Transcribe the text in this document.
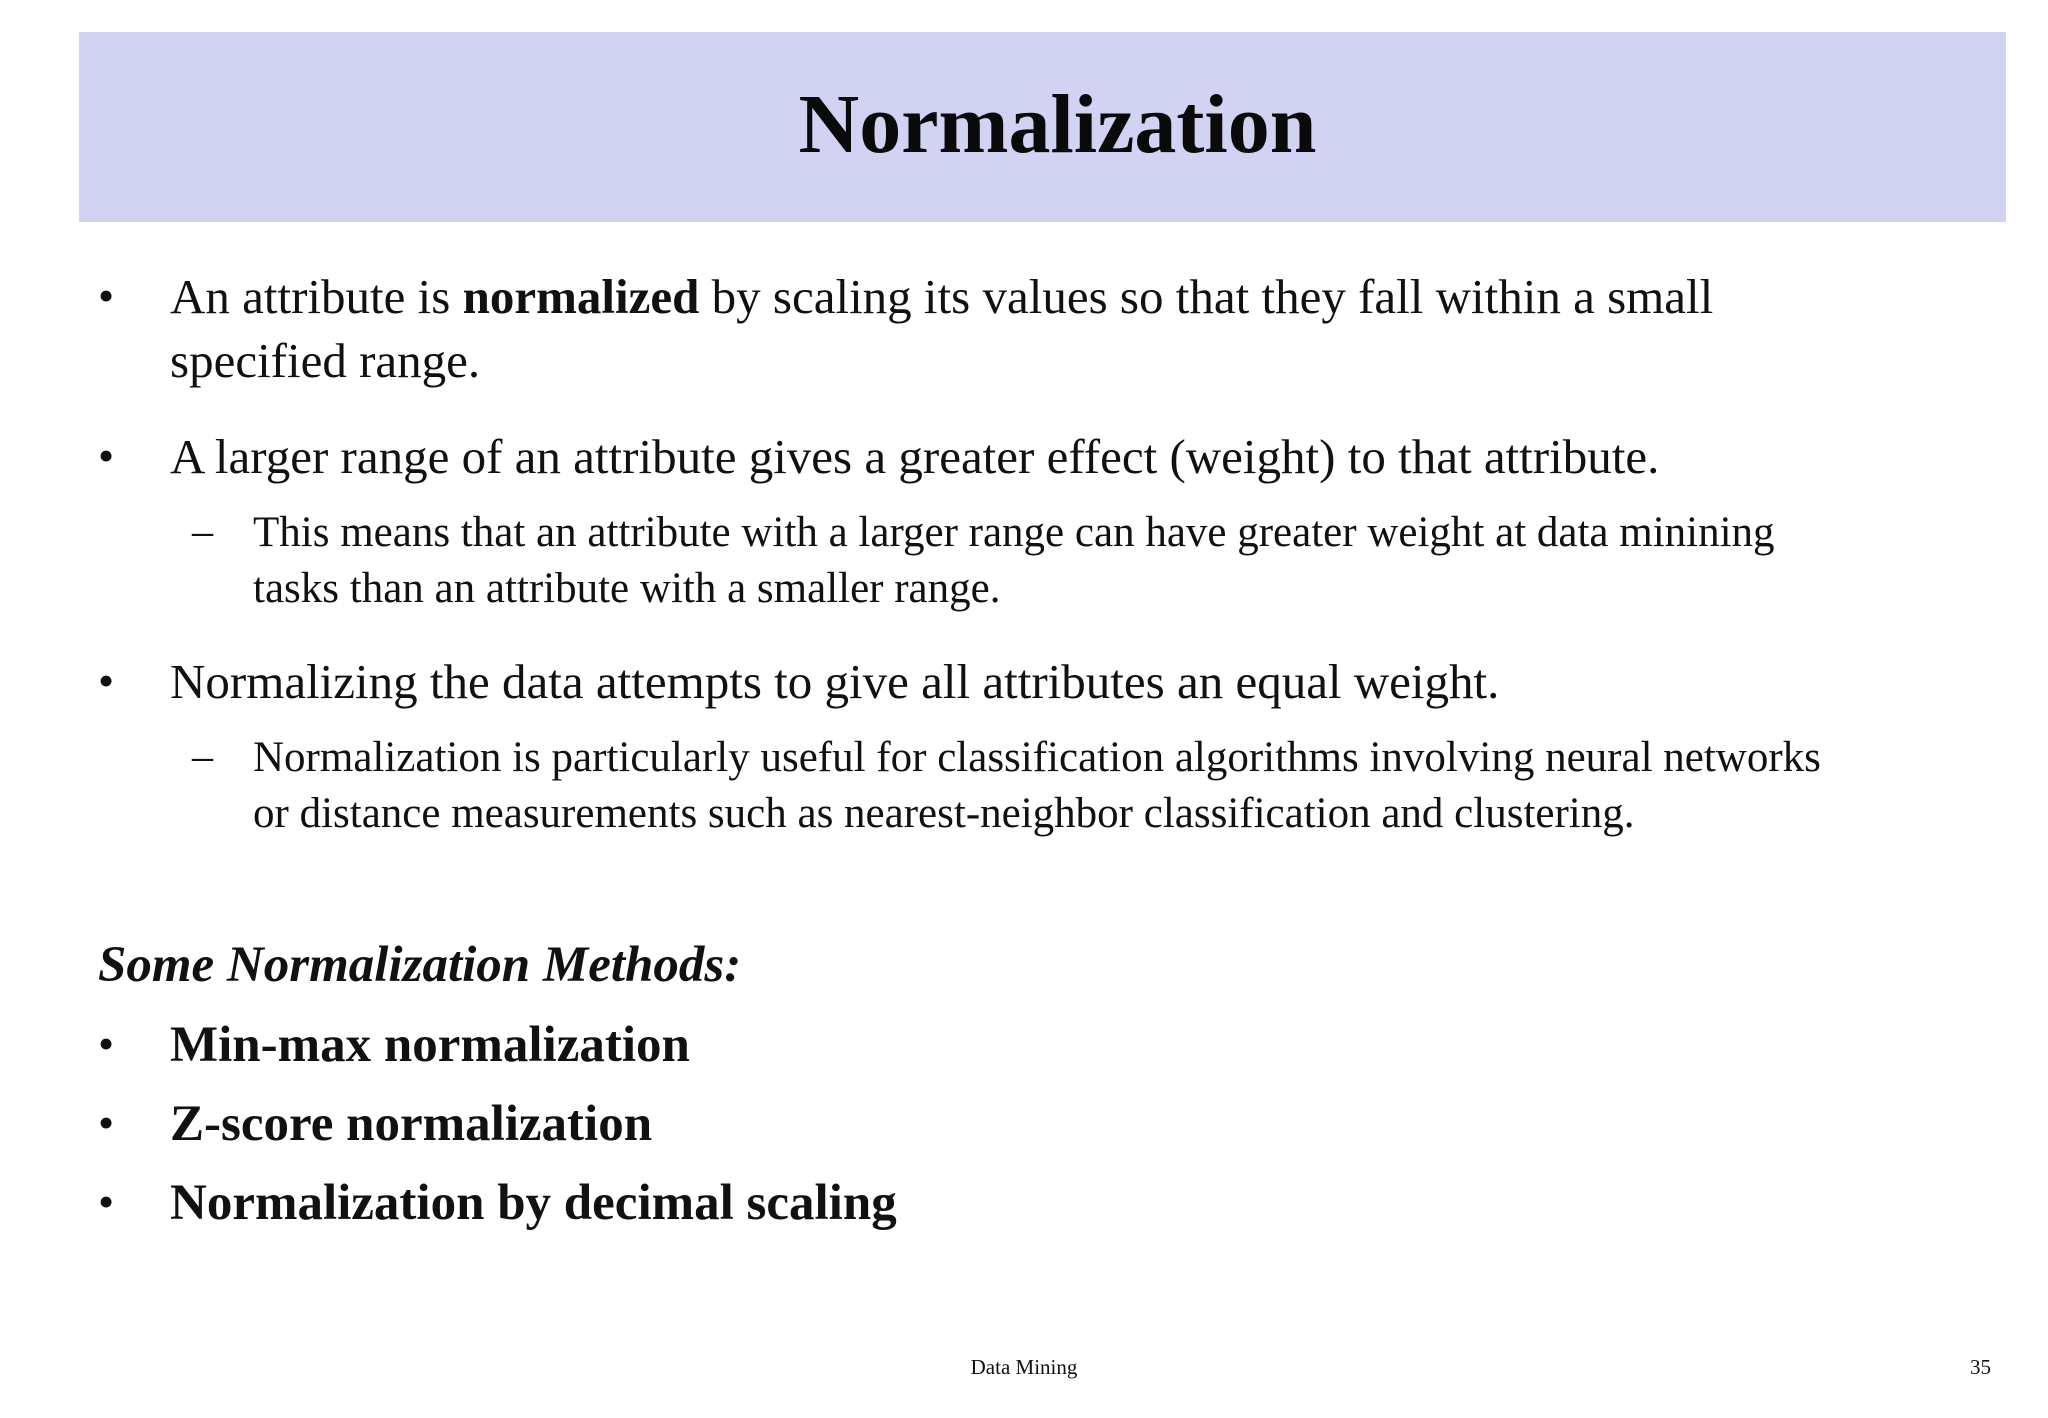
Normalization
• An attribute is normalized by scaling its values so that they fall within a small
specified range.
• A larger range of an attribute gives a greater effect (weight) to that attribute.
– This means that an attribute with a larger range can have greater weight at data minining
tasks than an attribute with a smaller range.
• Normalizing the data attempts to give all attributes an equal weight.
– Normalization is particularly useful for classification algorithms involving neural networks
or distance measurements such as nearest-neighbor classification and clustering.
Some Normalization Methods:
• Min-max normalization
• Z-score normalization
• Normalization by decimal scaling
Data Mining	35
